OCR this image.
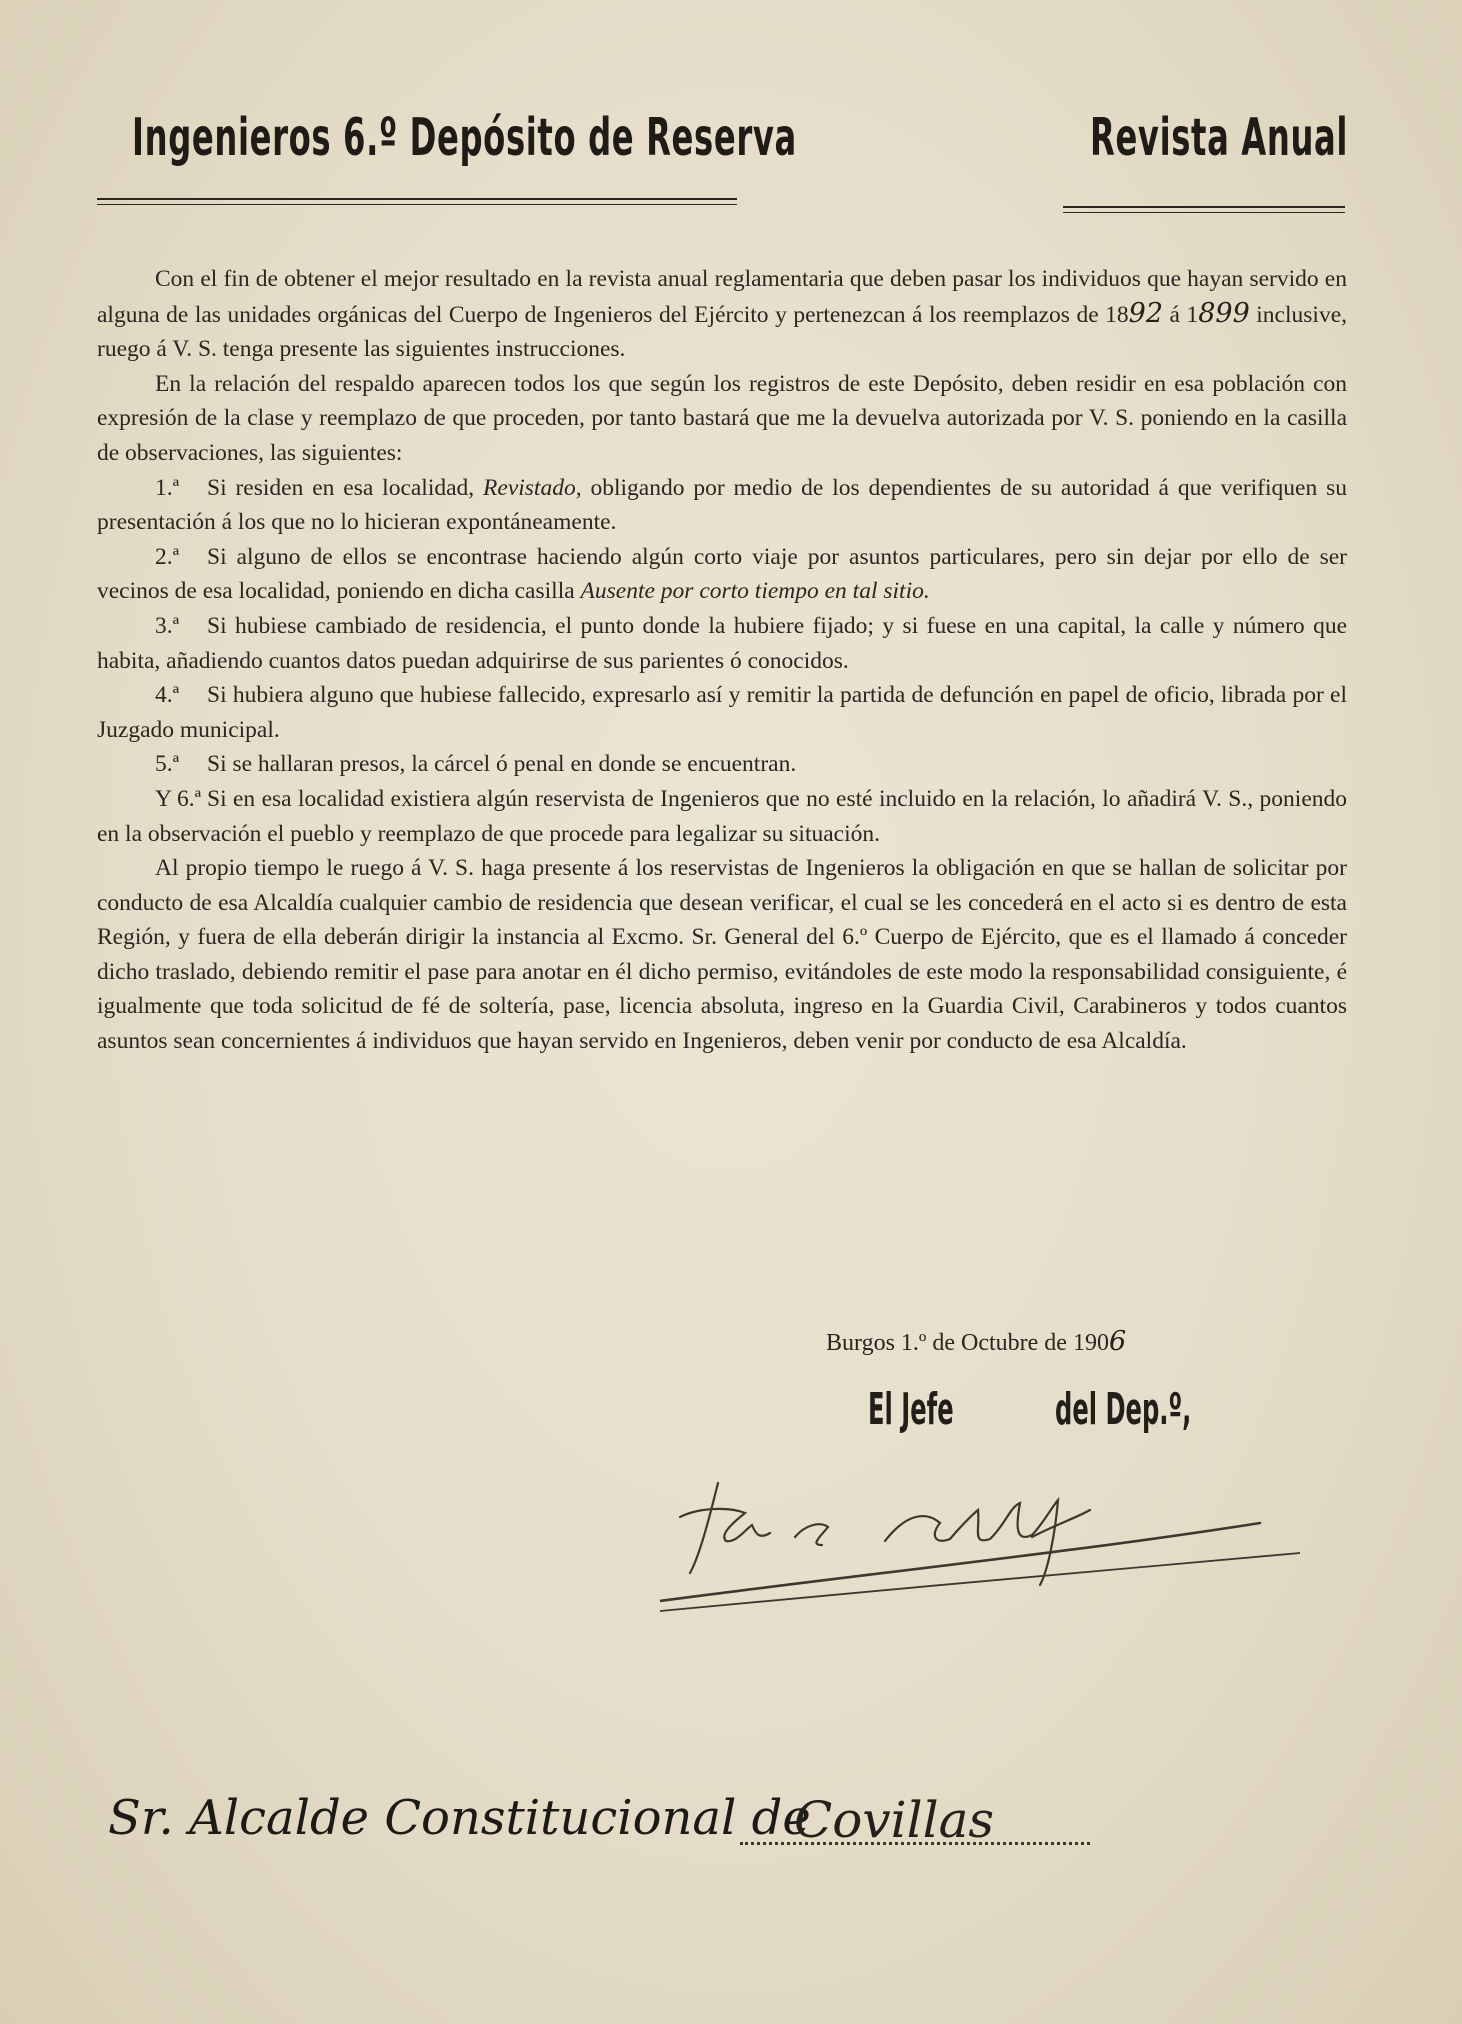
Ingenieros 6.º Depósito de Reserva	Revista Anual

Con el fin de obtener el mejor resultado en la revista anual reglamentaria que deben pasar los individuos que hayan servido en alguna de las unidades orgánicas del Cuerpo de Ingenieros del Ejército y pertenezcan á los reemplazos de 1892 á 1899 inclusive, ruego á V. S. tenga presente las siguientes instrucciones.

En la relación del respaldo aparecen todos los que según los registros de este Depósito, deben residir en esa población con expresión de la clase y reemplazo de que proceden, por tanto bastará que me la devuelva autorizada por V. S. poniendo en la casilla de observaciones, las siguientes:

1.ª Si residen en esa localidad, Revistado, obligando por medio de los dependientes de su autoridad á que verifiquen su presentación á los que no lo hicieran expontáneamente.

2.ª Si alguno de ellos se encontrase haciendo algún corto viaje por asuntos particulares, pero sin dejar por ello de ser vecinos de esa localidad, poniendo en dicha casilla Ausente por corto tiempo en tal sitio.

3.ª Si hubiese cambiado de residencia, el punto donde la hubiere fijado; y si fuese en una capital, la calle y número que habita, añadiendo cuantos datos puedan adquirirse de sus parientes ó conocidos.

4.ª Si hubiera alguno que hubiese fallecido, expresarlo así y remitir la partida de defunción en papel de oficio, librada por el Juzgado municipal.

5.ª Si se hallaran presos, la cárcel ó penal en donde se encuentran.

Y 6.ª Si en esa localidad existiera algún reservista de Ingenieros que no esté incluido en la relación, lo añadirá V. S., poniendo en la observación el pueblo y reemplazo de que procede para legalizar su situación.

Al propio tiempo le ruego á V. S. haga presente á los reservistas de Ingenieros la obligación en que se hallan de solicitar por conducto de esa Alcaldía cualquier cambio de residencia que desean verificar, el cual se les concederá en el acto si es dentro de esta Región, y fuera de ella deberán dirigir la instancia al Excmo. Sr. General del 6.º Cuerpo de Ejército, que es el llamado á conceder dicho traslado, debiendo remitir el pase para anotar en él dicho permiso, evitándoles de este modo la responsabilidad consiguiente, é igualmente que toda solicitud de fé de soltería, pase, licencia absoluta, ingreso en la Guardia Civil, Carabineros y todos cuantos asuntos sean concernientes á individuos que hayan servido en Ingenieros, deben venir por conducto de esa Alcaldía.

Burgos 1.º de Octubre de 1906
El Jefe del Dep.º,
Sr. Alcalde Constitucional de
Covillas
